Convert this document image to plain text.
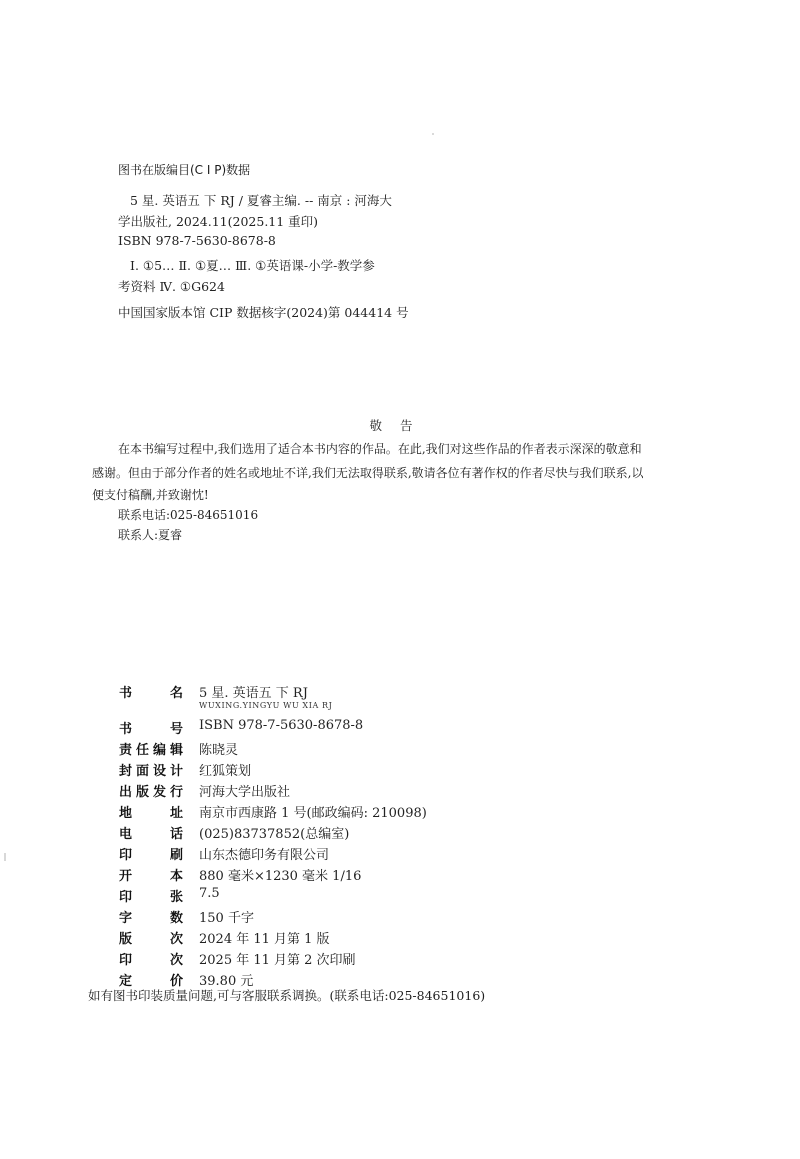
图书在版编目(C I P)数据
5 星. 英语五 下 RJ / 夏睿主编. -- 南京 : 河海大
学出版社, 2024.11(2025.11 重印)
ISBN 978-7-5630-8678-8
Ⅰ. ①5… Ⅱ. ①夏… Ⅲ. ①英语课-小学-教学参
考资料 Ⅳ. ①G624
中国国家版本馆 CIP 数据核字(2024)第 044414 号
敬告
在本书编写过程中,我们选用了适合本书内容的作品。在此,我们对这些作品的作者表示深深的敬意和
感谢。但由于部分作者的姓名或地址不详,我们无法取得联系,敬请各位有著作权的作者尽快与我们联系,以
便支付稿酬,并致谢忱!
联系电话:025-84651016
联系人:夏睿
书名 5 星. 英语五 下 RJ
WUXING.YINGYU WU XIA RJ
书号 ISBN 978-7-5630-8678-8
责任编辑 陈晓灵
封面设计 红狐策划
出版发行 河海大学出版社
地址 南京市西康路 1 号(邮政编码: 210098)
电话 (025)83737852(总编室)
印刷 山东杰德印务有限公司
开本 880 毫米×1230 毫米 1/16
印张 7.5
字数 150 千字
版次 2024 年 11 月第 1 版
印次 2025 年 11 月第 2 次印刷
定价 39.80 元
如有图书印装质量问题,可与客服联系调换。(联系电话:025-84651016)
